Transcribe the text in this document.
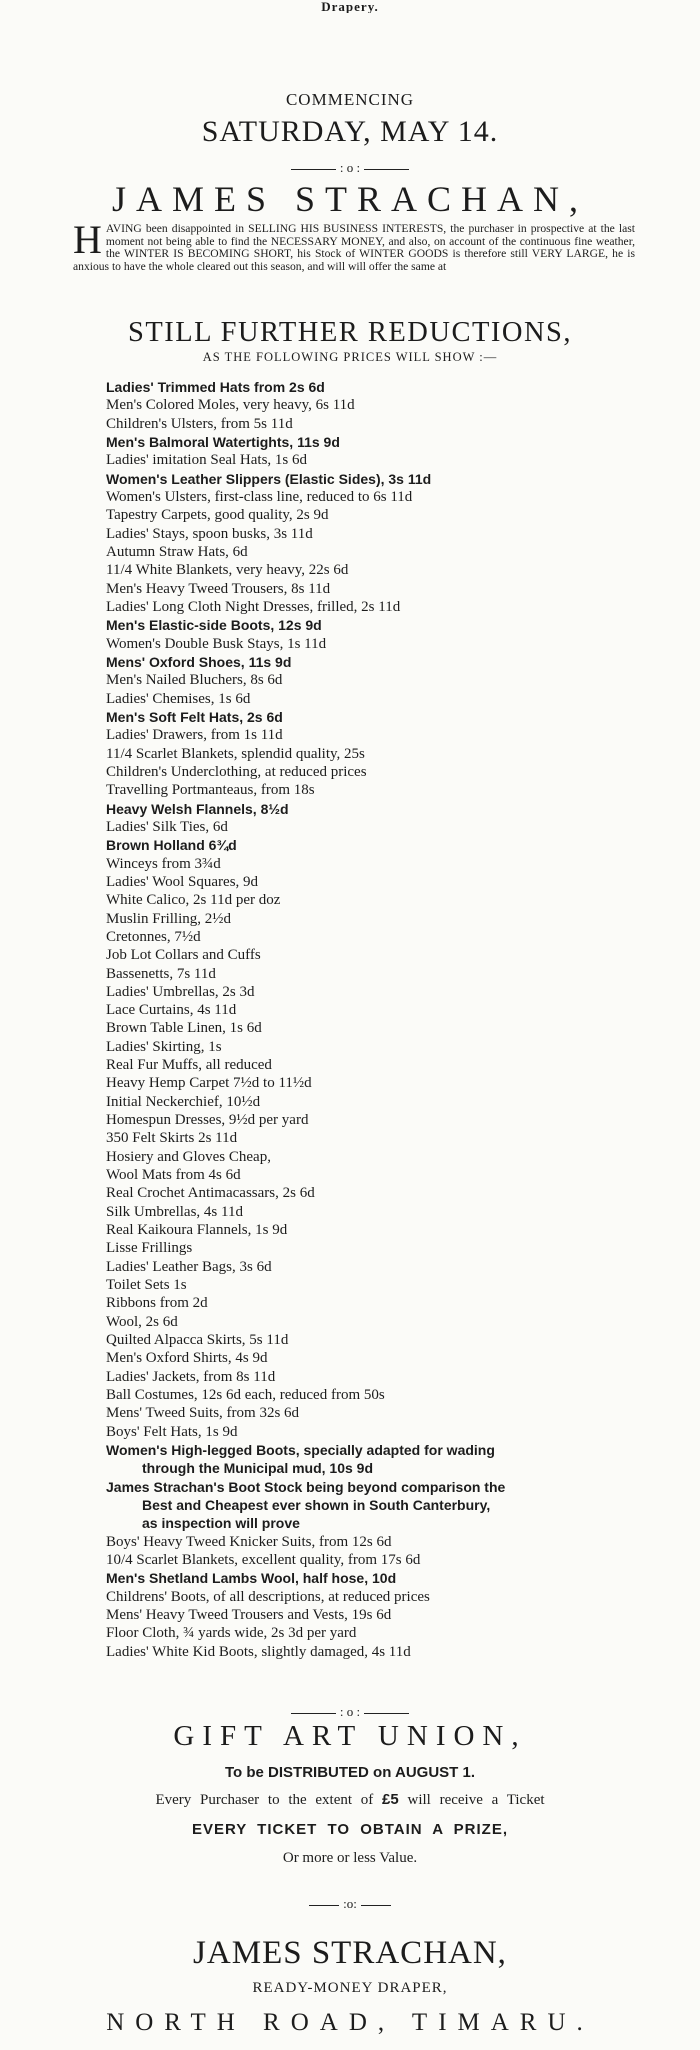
Drapery.
COMMENCING
SATURDAY, MAY 14.
: o :
JAMES STRACHAN,
HAVING been disappointed in SELLING HIS BUSINESS INTERESTS, the purchaser in prospective at the last moment not being able to find the NECESSARY MONEY, and also, on account of the continuous fine weather, the WINTER IS BECOMING SHORT, his Stock of WINTER GOODS is therefore still VERY LARGE, he is anxious to have the whole cleared out this season, and will will offer the same at
STILL FURTHER REDUCTIONS,
AS THE FOLLOWING PRICES WILL SHOW :—
Ladies' Trimmed Hats from 2s 6d
Men's Colored Moles, very heavy, 6s 11d
Children's Ulsters, from 5s 11d
Men's Balmoral Watertights, 11s 9d
Ladies' imitation Seal Hats, 1s 6d
Women's Leather Slippers (Elastic Sides), 3s 11d
Women's Ulsters, first-class line, reduced to 6s 11d
Tapestry Carpets, good quality, 2s 9d
Ladies' Stays, spoon busks, 3s 11d
Autumn Straw Hats, 6d
11/4 White Blankets, very heavy, 22s 6d
Men's Heavy Tweed Trousers, 8s 11d
Ladies' Long Cloth Night Dresses, frilled, 2s 11d
Men's Elastic-side Boots, 12s 9d
Women's Double Busk Stays, 1s 11d
Mens' Oxford Shoes, 11s 9d
Men's Nailed Bluchers, 8s 6d
Ladies' Chemises, 1s 6d
Men's Sᴏft Felt Hats, 2s 6d
Ladies' Drawers, from 1s 11d
11/4 Scarlet Blankets, splendid quality, 25s
Children's Underclothing, at reduced prices
Travelling Portmanteaus, from 18s
Heavy Welsh Flannels, 8½d
Ladies' Silk Ties, 6d
Brown Holland 6¾d
Winceys from 3¾d
Ladies' Wool Squares, 9d
White Calico, 2s 11d per doz
Muslin Frilling, 2½d
Cretonnes, 7½d
Job Lot Collars and Cuffs
Bassenetts, 7s 11d
Ladies' Umbrellas, 2s 3d
Lace Curtains, 4s 11d
Brown Table Linen, 1s 6d
Ladies' Skirting, 1s
Real Fur Muffs, all reduced
Heavy Hemp Carpet 7½d to 11½d
Initial Neckerchief, 10½d
Homespun Dresses, 9½d per yard
350 Felt Skirts 2s 11d
Hosiery and Gloves Cheap,
Wool Mats from 4s 6d
Real Crochet Antimacassars, 2s 6d
Silk Umbrellas, 4s 11d
Real Kaikoura Flannels, 1s 9d
Lisse Frillings
Ladies' Leather Bags, 3s 6d
Toilet Sets 1s
Ribbons from 2d
Wool, 2s 6d
Quilted Alpacca Skirts, 5s 11d
Men's Oxford Shirts, 4s 9d
Ladies' Jackets, from 8s 11d
Ball Costumes, 12s 6d each, reduced from 50s
Mens' Tweed Suits, from 32s 6d
Boys' Felt Hats, 1s 9d
Women's High-legged Boots, specially adapted for wading
through the Municipal mud, 10s 9d
James Strachan's Boot Stock being beyond comparison the
Best and Cheapest ever shown in South Canterbury,
as inspection will prove
Boys' Heavy Tweed Knicker Suits, from 12s 6d
10/4 Scarlet Blankets, excellent quality, from 17s 6d
Men's Shetland Lambs Wool, half hose, 10d
Childrens' Boots, of all descriptions, at reduced prices
Mens' Heavy Tweed Trousers and Vests, 19s 6d
Floor Cloth, ¾ yards wide, 2s 3d per yard
Ladies' White Kid Boots, slightly damaged, 4s 11d
: o :
GIFT ART UNION,
To be DISTRIBUTED on AUGUST 1.
Every Purchaser to the extent of £5 will receive a Ticket
EVERY TICKET TO OBTAIN A PRIZE,
Or more or less Value.
:o:
JAMES STRACHAN,
READY-MONEY DRAPER,
NORTH ROAD, TIMARU.
